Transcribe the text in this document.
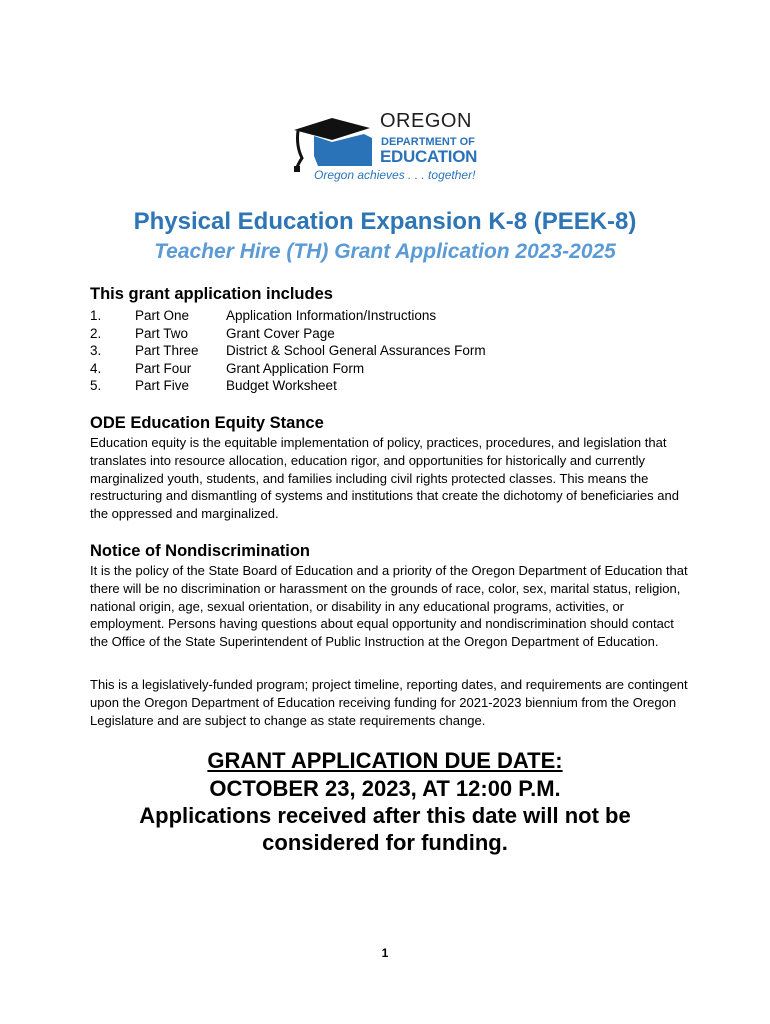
OREGON
DEPARTMENT OF
EDUCATION
Oregon achieves . . . together!
Physical Education Expansion K-8 (PEEK-8)
Teacher Hire (TH) Grant Application 2023-2025
This grant application includes
1. Part One	Application Information/Instructions
2. Part Two	Grant Cover Page
3. Part Three District & School General Assurances Form
4. Part Four	Grant Application Form
5. Part Five	Budget Worksheet
ODE Education Equity Stance

Education equity is the equitable implementation of policy, practices, procedures, and legislation that translates into resource allocation, education rigor, and opportunities for historically and currently marginalized youth, students, and families including civil rights protected classes. This means the restructuring and dismantling of systems and institutions that create the dichotomy of beneficiaries and the oppressed and marginalized.

Notice of Nondiscrimination

It is the policy of the State Board of Education and a priority of the Oregon Department of Education that there will be no discrimination or harassment on the grounds of race, color, sex, marital status, religion, national origin, age, sexual orientation, or disability in any educational programs, activities, or employment. Persons having questions about equal opportunity and nondiscrimination should contact the Office of the State Superintendent of Public Instruction at the Oregon Department of Education.

This is a legislatively-funded program; project timeline, reporting dates, and requirements are contingent upon the Oregon Department of Education receiving funding for 2021-2023 biennium from the Oregon Legislature and are subject to change as state requirements change.

GRANT APPLICATION DUE DATE:
OCTOBER 23, 2023, AT 12:00 P.M.
Applications received after this date will not be
considered for funding.
1
